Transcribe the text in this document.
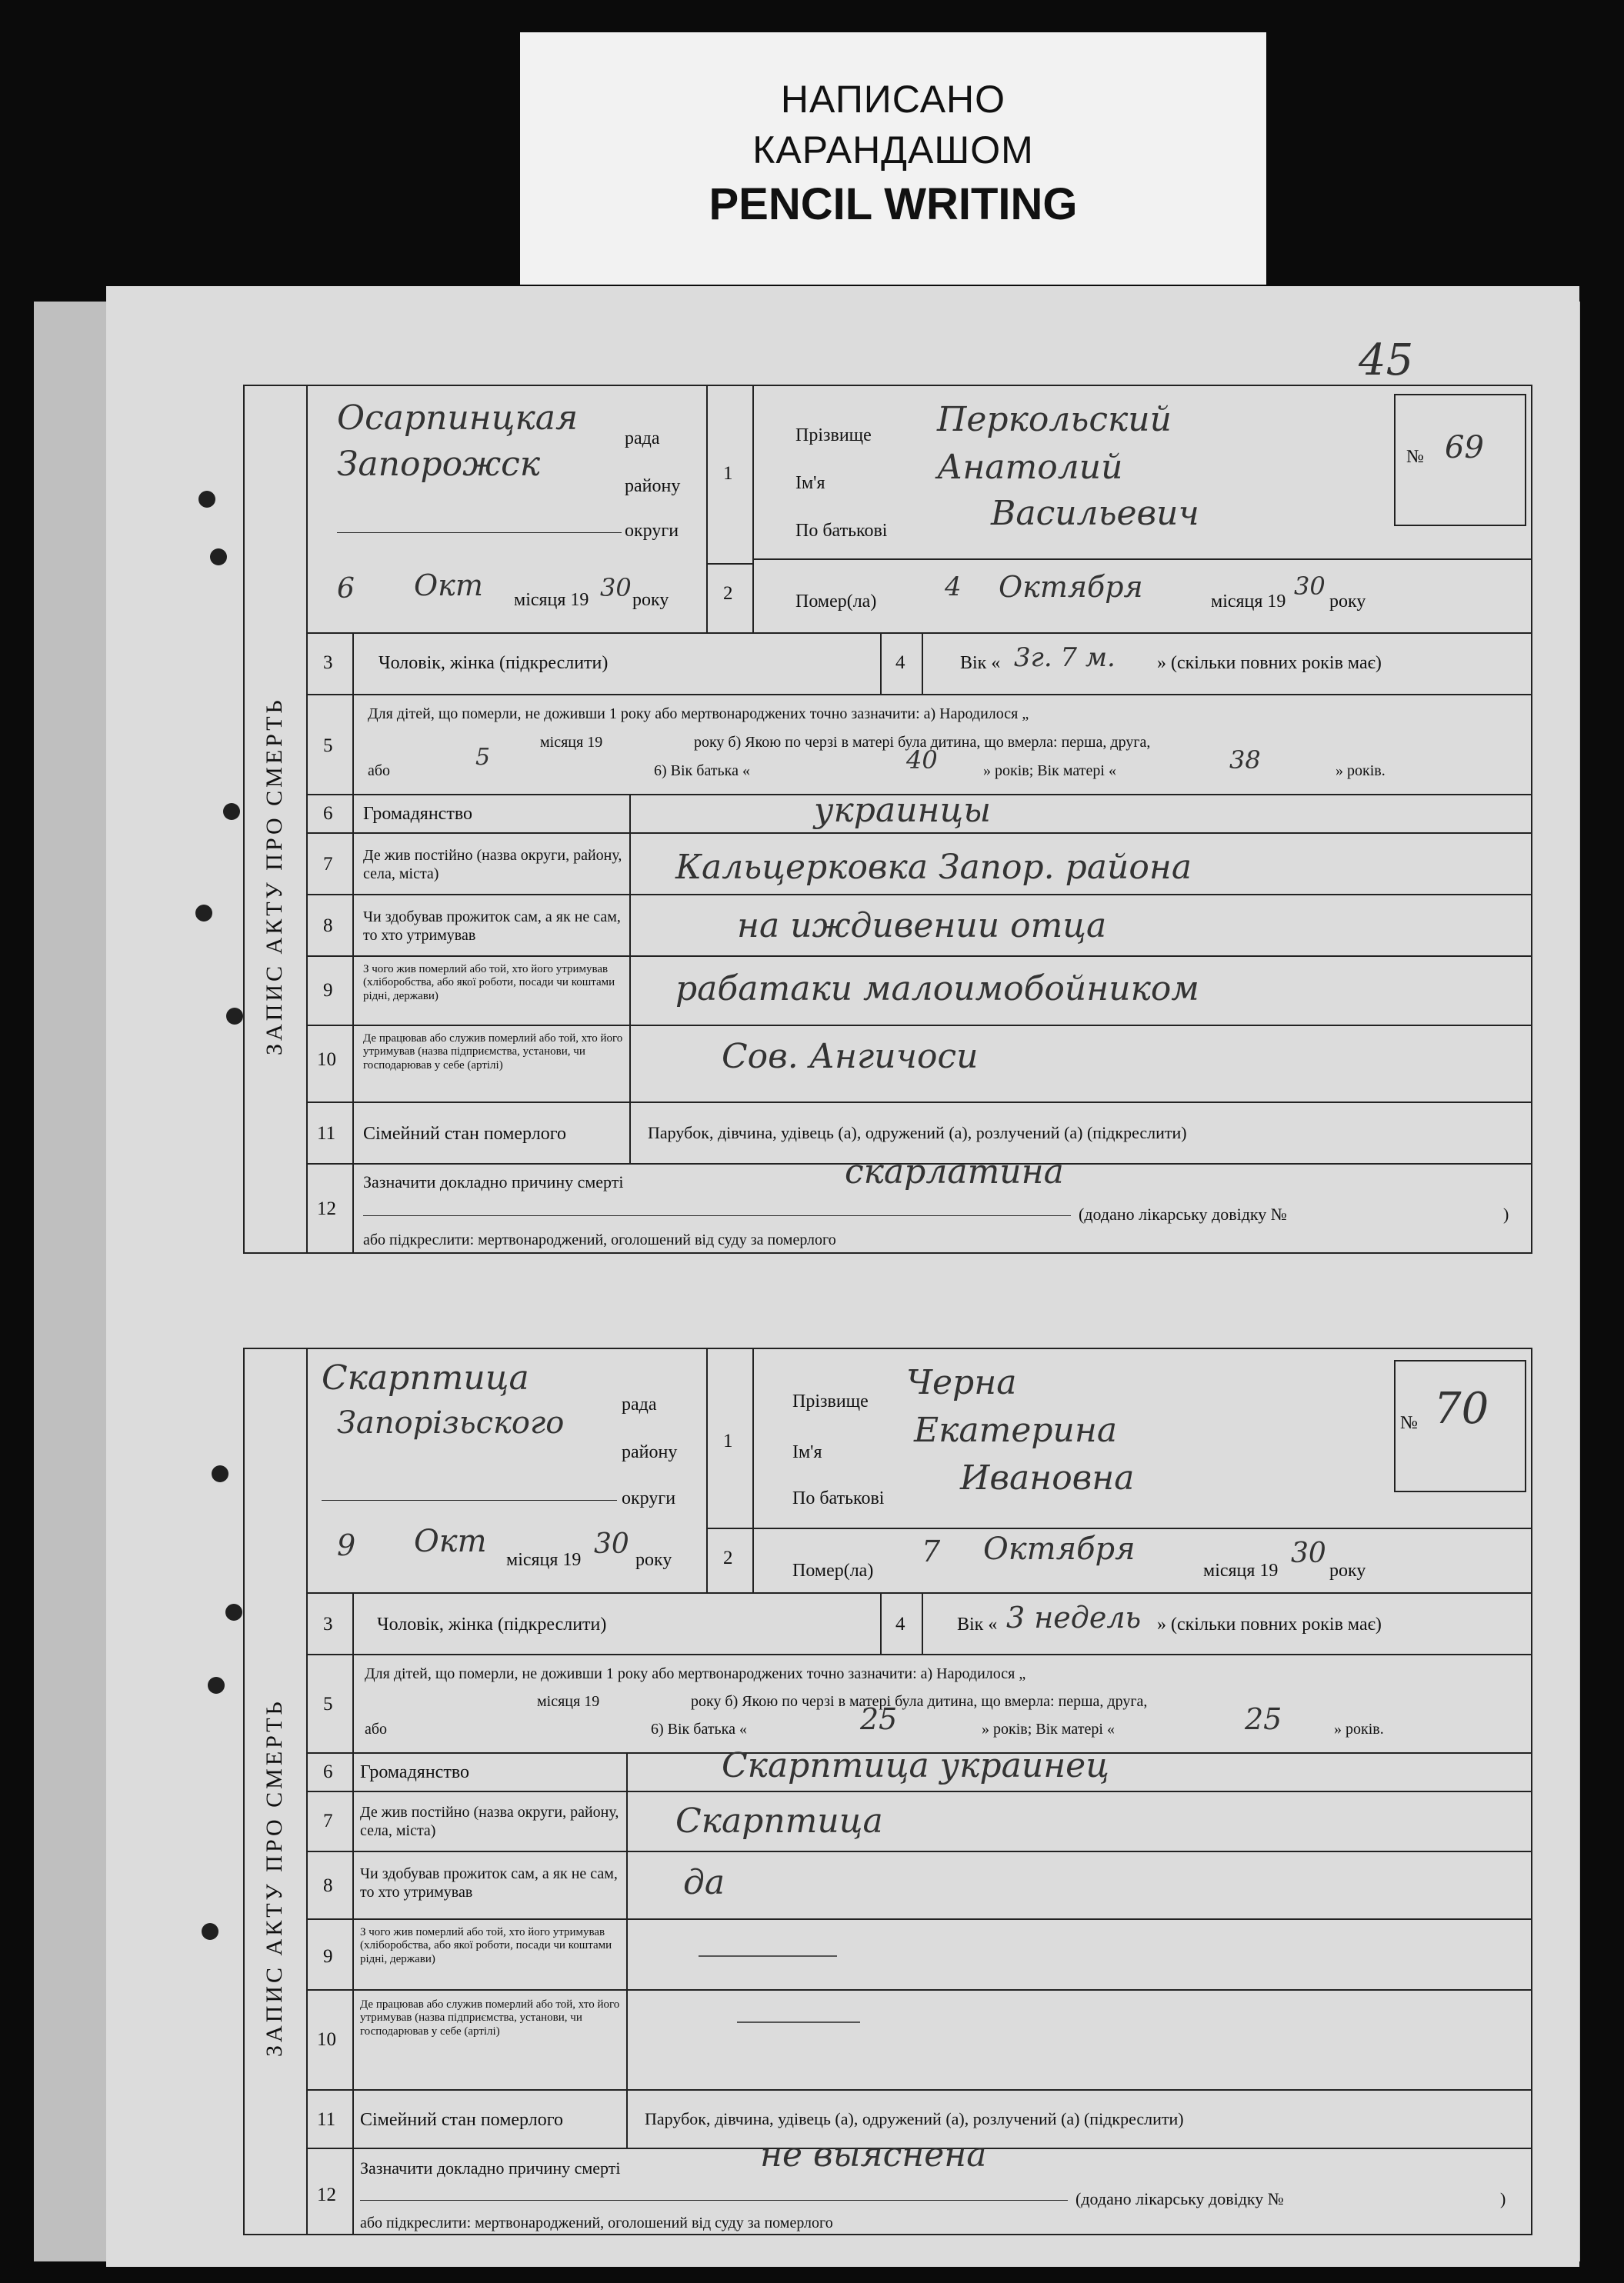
НАПИСАНО
КАРАНДАШОМ
PENCIL WRITING
45
№ 69
ЗАПИС АКТУ ПРО СМЕРТЬ
Осарпинцкая
рада
Запорожск
району
округи
6 Окт місяця 19 30 року
1
2
Прізвище Перкольский
Ім'я	Анатолий
По батькові	Васильевич
Помер(ла)	4 Октября	місяця 19
30
року
3 Чоловік, жінка (підкреслити)	4	Вік « 3г. 7 м. » (скільки повних років має)
5
Для дітей, що померли, не доживши 1 року або мертвонароджених точно зазначити: а) Народилося „
місяця 19	року б) Якою по черзі в матері була дитина, що вмерла: перша, друга,
або	5	6) Вік батька «	40	» років; Вік матері «	38	» років.
6 Громадянство	украинцы
7 Де жив постійно (назва округи, району, села, міста)	Кальцерковка Запор. района
8 Чи здобував прожиток сам, а як не сам, то хто утримував	на иждивении отца
9
З чого жив померлий або той, хто його утримував (хліборобства, або якої роботи, посади чи коштами рідні, держави)	рабатаки малоимобойником
10
Де працював або служив померлий або той, хто його утримував (назва підприємства, установи, чи господарював у себе (артілі)	Сов. Ангичоси
11 Сімейний стан померлого	Парубок, дівчина, удівець (а), одружений (а), розлучений (а) (підкреслити)
12
Зазначити докладно причину смерті	скарлатина
(додано лікарську довідку №	)
або підкреслити: мертвонароджений, оголошений від суду за померлого
№ 70
ЗАПИС АКТУ ПРО СМЕРТЬ
Скарптица
рада
Запорізьского
району
округи
9 Окт
місяця 19 30 року
1
2
Прізвище Черна
Ім'я
Екатерина
По батькові
Ивановна
Помер(ла)
7 Октября
місяця 19
30
року
3 Чоловік, жінка (підкреслити)	4	Вік « 3 недель » (скільки повних років має)
5
Для дітей, що померли, не доживши 1 року або мертвонароджених точно зазначити: а) Народилося „
місяця 19	року б) Якою по черзі в матері була дитина, що вмерла: перша, друга,
або	6) Вік батька «	25	» років; Вік матері «	25	» років.
6 Громадянство	Скарптица украинец
7 Де жив постійно (назва округи, району, села, міста)	Скарптица
8
Чи здобував прожиток сам, а як не сам, то хто утримував	да
9
З чого жив померлий або той, хто його утримував (хліборобства, або якої роботи, посади чи коштами рідні, держави)
10
Де працював або служив померлий або той, хто його утримував (назва підприємства, установи, чи господарював у себе (артілі)
11 Сімейний стан померлого	Парубок, дівчина, удівець (а), одружений (а), розлучений (а) (підкреслити)
12
Зазначити докладно причину смерті	не выяснена
(додано лікарську довідку №	)
або підкреслити: мертвонароджений, оголошений від суду за померлого
